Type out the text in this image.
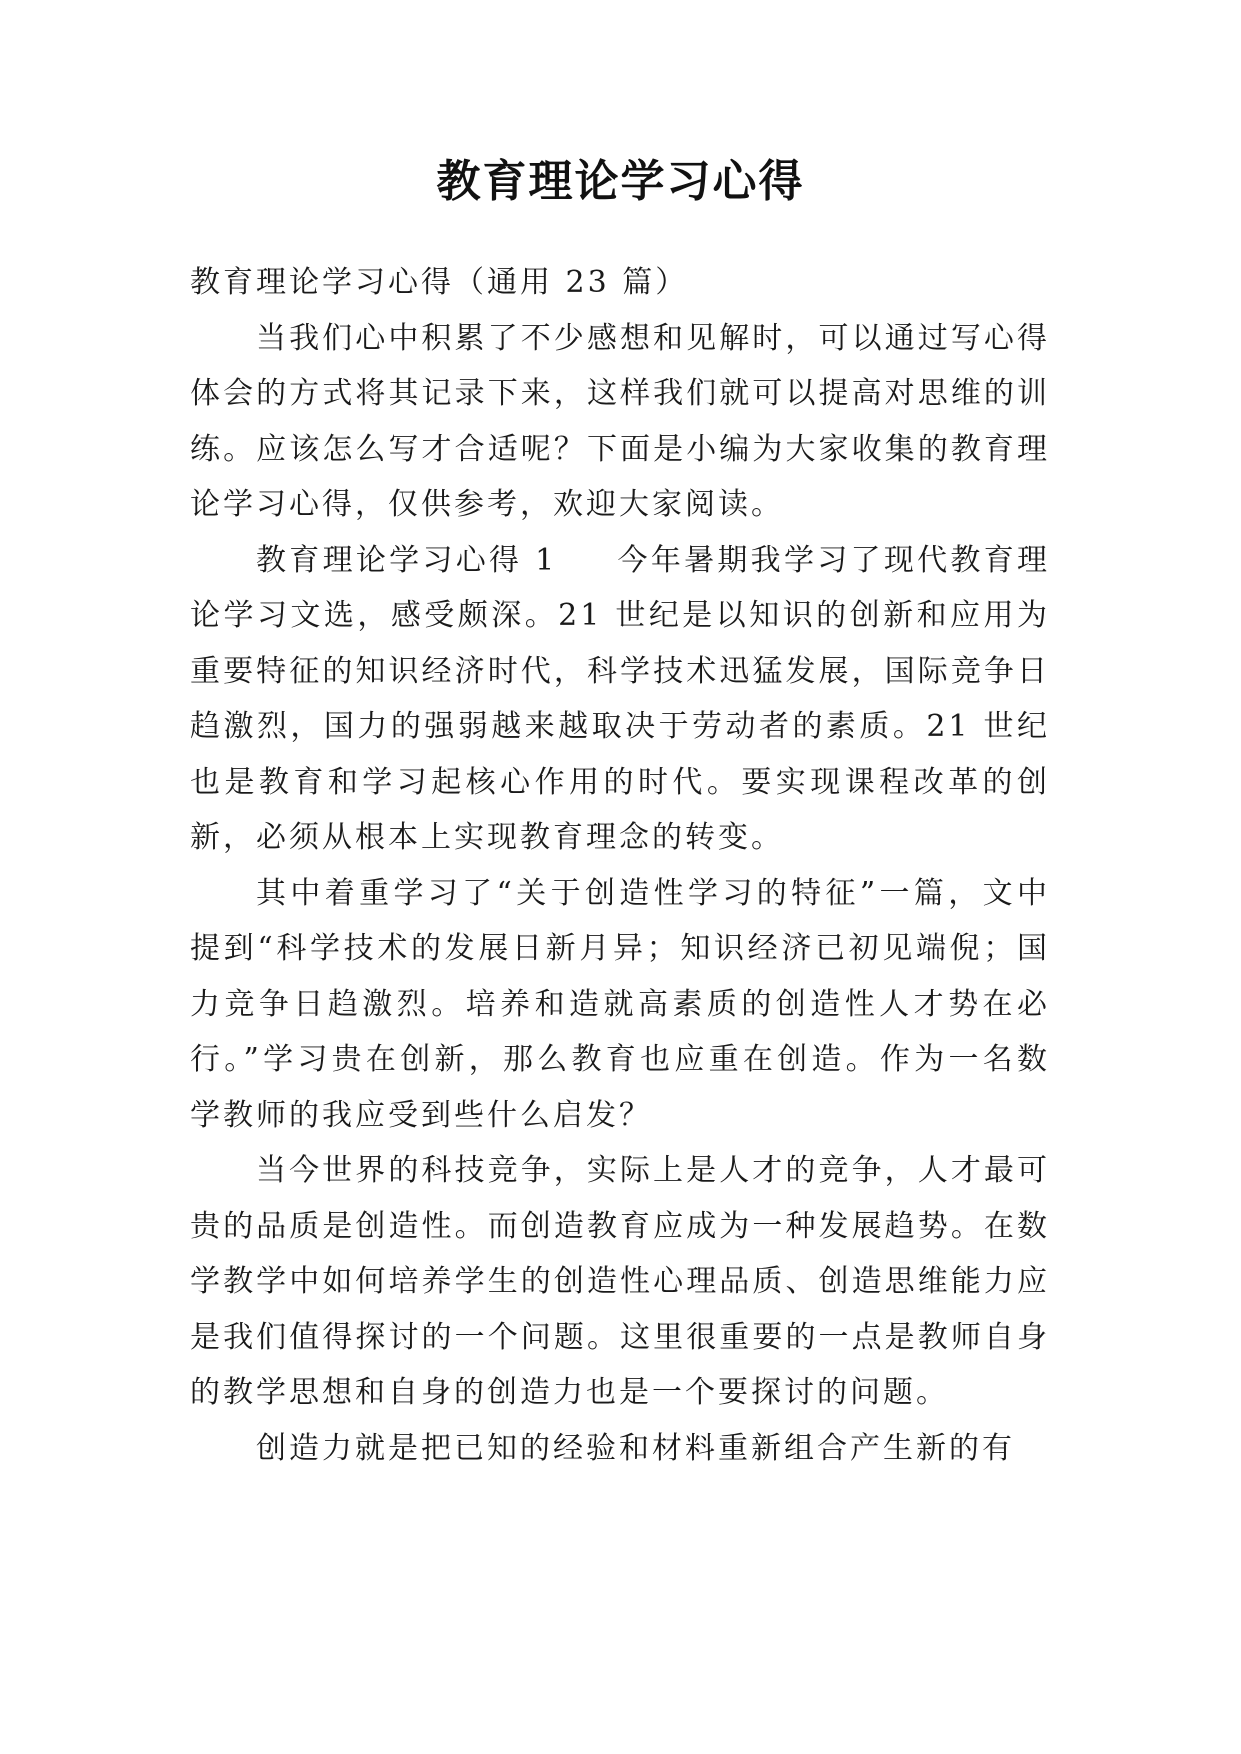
教育理论学习心得

教育理论学习心得（通用 23 篇）

当我们心中积累了不少感想和见解时，可以通过写心得体会的方式将其记录下来，这样我们就可以提高对思维的训练。应该怎么写才合适呢？下面是小编为大家收集的教育理论学习心得，仅供参考，欢迎大家阅读。

教育理论学习心得 1 今年暑期我学习了现代教育理论学习文选，感受颇深。21 世纪是以知识的创新和应用为重要特征的知识经济时代，科学技术迅猛发展，国际竞争日趋激烈，国力的强弱越来越取决于劳动者的素质。21 世纪也是教育和学习起核心作用的时代。要实现课程改革的创新，必须从根本上实现教育理念的转变。

其中着重学习了“关于创造性学习的特征”一篇，文中提到“科学技术的发展日新月异；知识经济已初见端倪；国力竞争日趋激烈。培养和造就高素质的创造性人才势在必行。”学习贵在创新，那么教育也应重在创造。作为一名数学教师的我应受到些什么启发？

当今世界的科技竞争，实际上是人才的竞争，人才最可贵的品质是创造性。而创造教育应成为一种发展趋势。在数学教学中如何培养学生的创造性心理品质、创造思维能力应是我们值得探讨的一个问题。这里很重要的一点是教师自身的教学思想和自身的创造力也是一个要探讨的问题。

创造力就是把已知的经验和材料重新组合产生新的有
